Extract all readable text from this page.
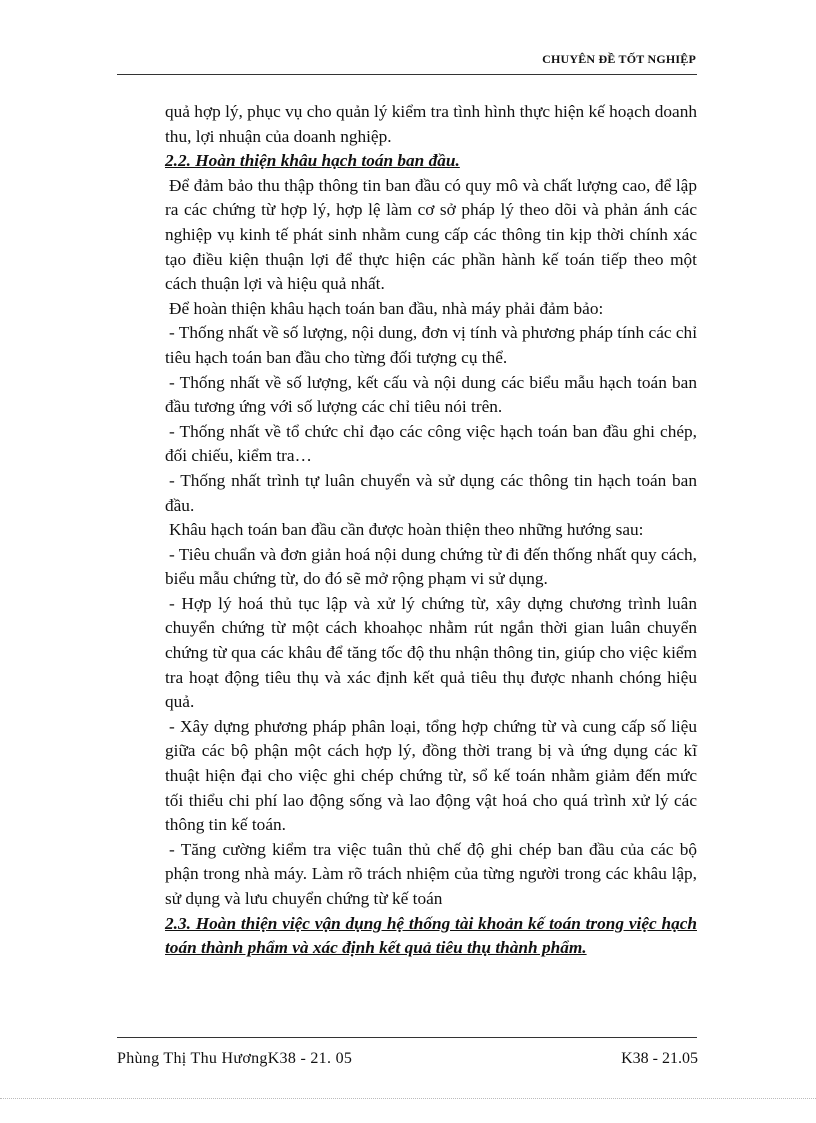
CHUYÊN ĐỀ TỐT NGHIỆP

quả hợp lý, phục vụ cho quản lý kiểm tra tình hình thực hiện kế hoạch doanh thu, lợi nhuận của doanh nghiệp.

2.2. Hoàn thiện khâu hạch toán ban đầu.

Để đảm bảo thu thập thông tin ban đầu có quy mô và chất lượng cao, để lập ra các chứng từ hợp lý, hợp lệ làm cơ sở pháp lý theo dõi và phản ánh các nghiệp vụ kinh tế phát sinh nhằm cung cấp các thông tin kịp thời chính xác tạo điều kiện thuận lợi để thực hiện các phần hành kế toán tiếp theo một cách thuận lợi và hiệu quả nhất.

Để hoàn thiện khâu hạch toán ban đầu, nhà máy phải đảm bảo:

- Thống nhất về số lượng, nội dung, đơn vị tính và phương pháp tính các chỉ tiêu hạch toán ban đầu cho từng đối tượng cụ thể.

- Thống nhất về số lượng, kết cấu và nội dung các biểu mẫu hạch toán ban đầu tương ứng với số lượng các chỉ tiêu nói trên.

- Thống nhất về tổ chức chỉ đạo các công việc hạch toán ban đầu ghi chép, đối chiếu, kiểm tra…

- Thống nhất trình tự luân chuyển và sử dụng các thông tin hạch toán ban đầu.

Khâu hạch toán ban đầu cần được hoàn thiện theo những hướng sau:

- Tiêu chuẩn và đơn giản hoá nội dung chứng từ đi đến thống nhất quy cách, biểu mẫu chứng từ, do đó sẽ mở rộng phạm vi sử dụng.

- Hợp lý hoá thủ tục lập và xử lý chứng từ, xây dựng chương trình luân chuyển chứng từ một cách khoahọc nhằm rút ngắn thời gian luân chuyển chứng từ qua các khâu để tăng tốc độ thu nhận thông tin, giúp cho việc kiểm tra hoạt động tiêu thụ và xác định kết quả tiêu thụ được nhanh chóng hiệu quả.

- Xây dựng phương pháp phân loại, tổng hợp chứng từ và cung cấp số liệu giữa các bộ phận một cách hợp lý, đồng thời trang bị và ứng dụng các kĩ thuật hiện đại cho việc ghi chép chứng từ, sổ kế toán nhằm giảm đến mức tối thiểu chi phí lao động sống và lao động vật hoá cho quá trình xử lý các thông tin kế toán.

- Tăng cường kiểm tra việc tuân thủ chế độ ghi chép ban đầu của các bộ phận trong nhà máy. Làm rõ trách nhiệm của từng người trong các khâu lập, sử dụng và lưu chuyển chứng từ kế toán

2.3. Hoàn thiện việc vận dụng hệ thống tài khoản kế toán trong việc hạch toán thành phẩm và xác định kết quả tiêu thụ thành phẩm.

Phùng Thị Thu HươngK38 - 21. 05	K38 - 21.05
